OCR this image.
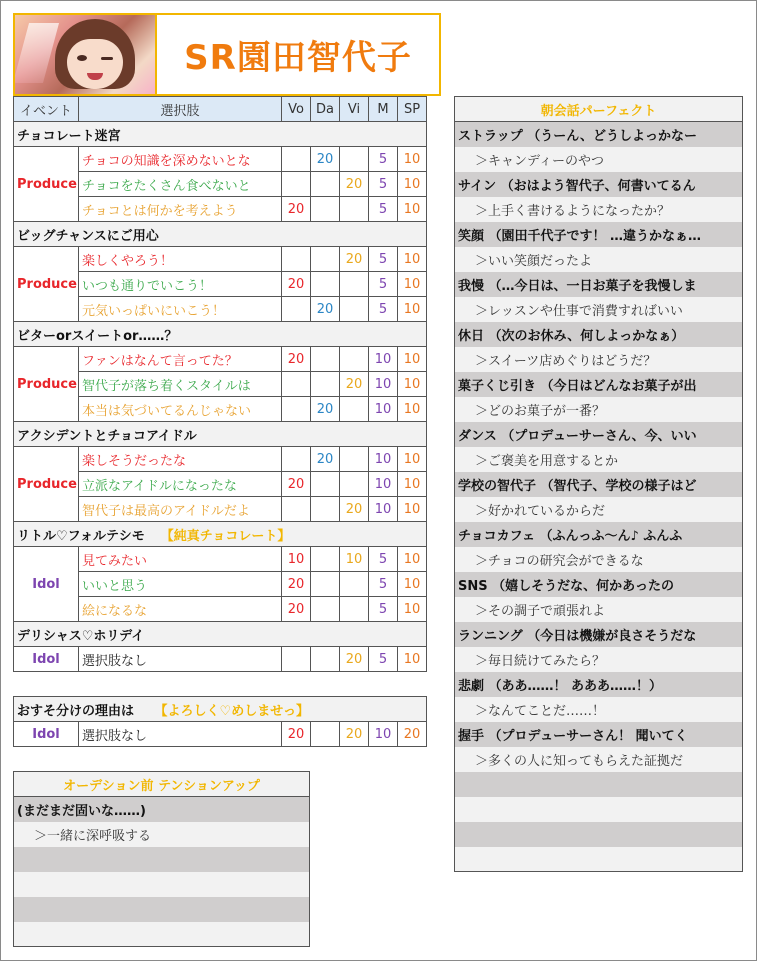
SR園田智代子
イベント	選択肢	Vo	Da	Vi	M	SP
チョコレート迷宮						
Produce	チョコの知識を深めないとな		20		5	10
	チョコをたくさん食べないと			20	5	10
	チョコとは何かを考えよう	20			5	10
ビッグチャンスにご用心						
Produce	楽しくやろう！			20	5	10
	いつも通りでいこう！	20			5	10
	元気いっぱいにいこう！		20		5	10
ビターorスイートor……？						
Produce	ファンはなんて言ってた？	20			10	10
	智代子が落ち着くスタイルは			20	10	10
	本当は気づいてるんじゃない		20		10	10
アクシデントとチョコアイドル						
Produce	楽しそうだったな		20		10	10
	立派なアイドルになったな	20			10	10
	智代子は最高のアイドルだよ			20	10	10
リトル♡フォルテシモ 【純真チョコレート】						
Idol	見てみたい	10		10	5	10
	いいと思う	20			5	10
	絵になるな	20			5	10
デリシャス♡ホリデイ						
Idol	選択肢なし			20	5	10
おすそ分けの理由は 【よろしく♡めしませっ】
Idol	選択肢なし	20		20	10	20
朝会話パーフェクト
ストラップ （うーん、どうしよっかなー
＞キャンディーのやつ
サイン （おはよう智代子、何書いてるん
＞上手く書けるようになったか？
笑顔 （園田千代子です！ …違うかなぁ…
＞いい笑顔だったよ
我慢 （…今日は、一日お菓子を我慢しま
＞レッスンや仕事で消費すればいい
休日 （次のお休み、何しよっかなぁ）
＞スイーツ店めぐりはどうだ？
菓子くじ引き （今日はどんなお菓子が出
＞どのお菓子が一番？
ダンス （プロデューサーさん、今、いい
＞ご褒美を用意するとか
学校の智代子 （智代子、学校の様子はど
＞好かれているからだ
チョコカフェ （ふんっふ～ん♪ ふんふ
＞チョコの研究会ができるな
SNS （嬉しそうだな、何かあったの
＞その調子で頑張れよ
ランニング （今日は機嫌が良さそうだな
＞毎日続けてみたら？
悲劇 （ああ……！ あああ……！）
＞なんてことだ……！
握手 （プロデューサーさん！ 聞いてく
＞多くの人に知ってもらえた証拠だ

オーデション前 テンションアップ
(まだまだ固いな……)
＞一緒に深呼吸する
